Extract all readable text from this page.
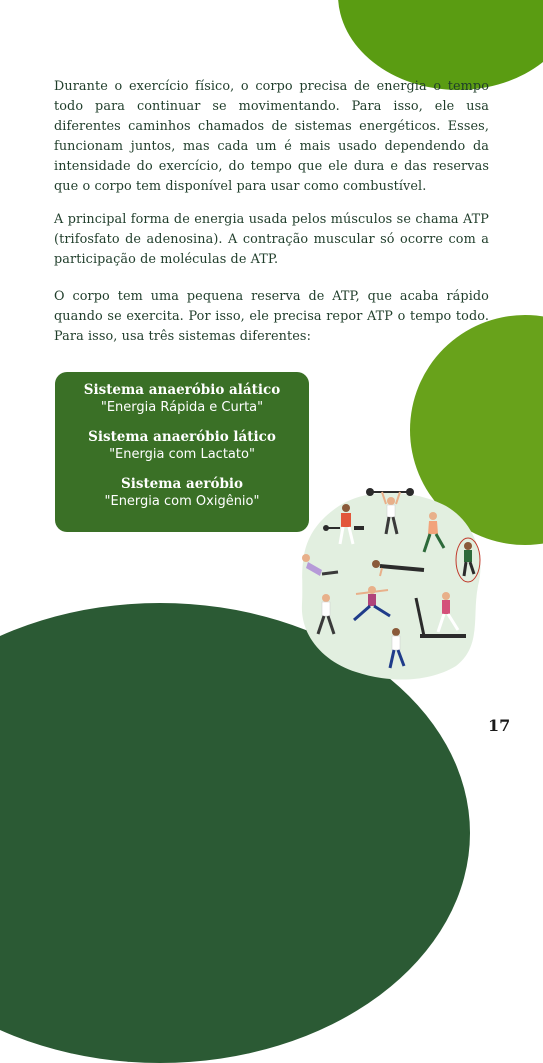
Durante o exercício físico, o corpo precisa de energia o tempo todo para continuar se movimentando. Para isso, ele usa diferentes caminhos chamados de sistemas energéticos. Esses, funcionam juntos, mas cada um é mais usado dependendo da intensidade do exercício, do tempo que ele dura e das reservas que o corpo tem disponível para usar como combustível.

A principal forma de energia usada pelos músculos se chama ATP (trifosfato de adenosina). A contração muscular só ocorre com a participação de moléculas de ATP.

O corpo tem uma pequena reserva de ATP, que acaba rápido quando se exercita. Por isso, ele precisa repor ATP o tempo todo. Para isso, usa três sistemas diferentes:

Sistema anaeróbio alático
"Energia Rápida e Curta"
Sistema anaeróbio lático
"Energia com Lactato"
Sistema aeróbio
"Energia com Oxigênio"
17
